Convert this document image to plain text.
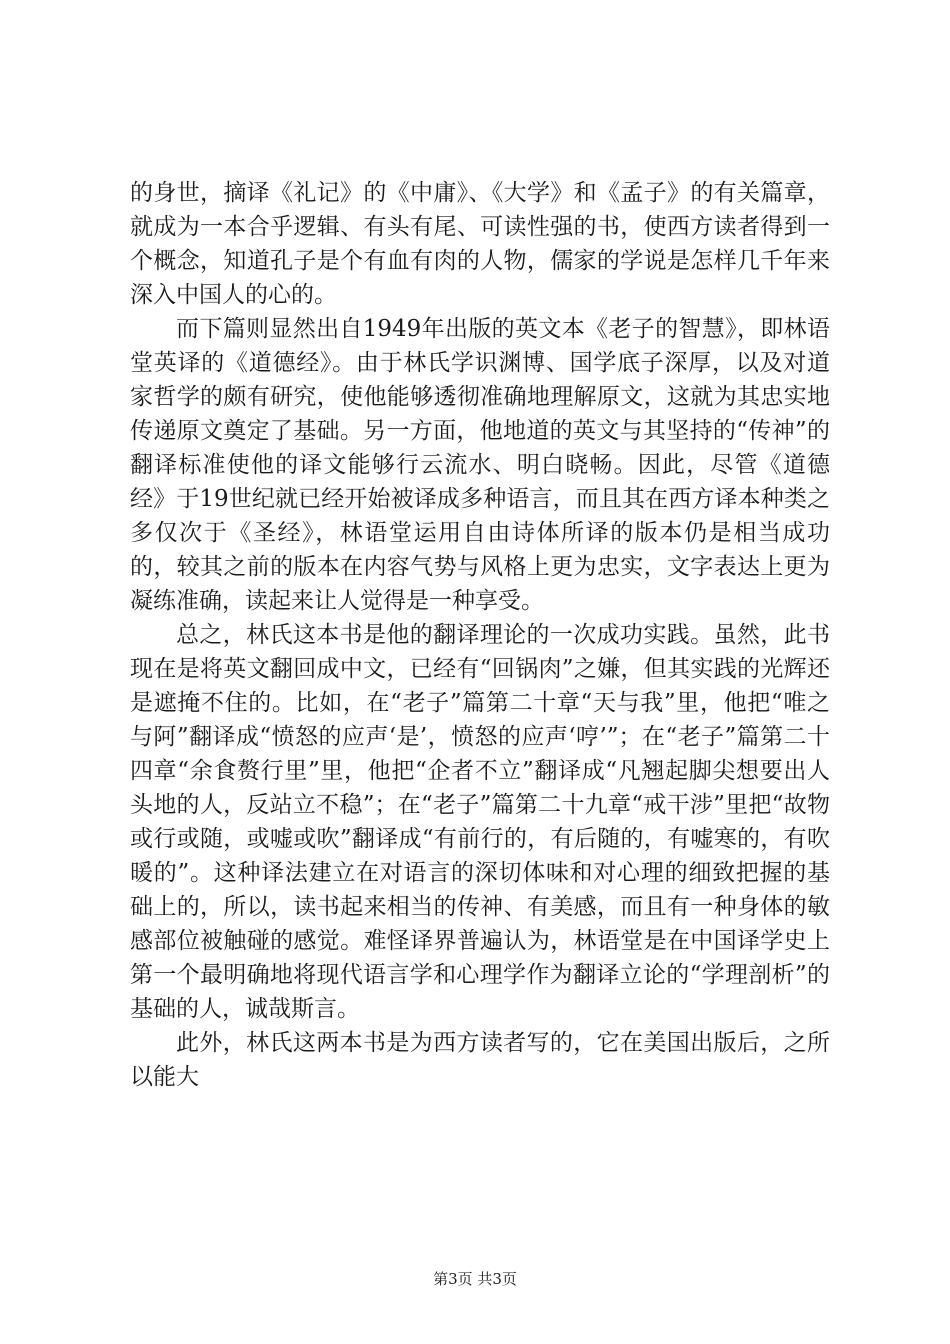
的身世，摘译《礼记》的《中庸》、《大学》和《孟子》的有关篇章，就成为一本合乎逻辑、有头有尾、可读性强的书，使西方读者得到一个概念，知道孔子是个有血有肉的人物，儒家的学说是怎样几千年来深入中国人的心的。

而下篇则显然出自1949年出版的英文本《老子的智慧》，即林语堂英译的《道德经》。由于林氏学识渊博、国学底子深厚，以及对道家哲学的颇有研究，使他能够透彻准确地理解原文，这就为其忠实地传递原文奠定了基础。另一方面，他地道的英文与其坚持的“传神”的翻译标准使他的译文能够行云流水、明白晓畅。因此，尽管《道德经》于19世纪就已经开始被译成多种语言，而且其在西方译本种类之多仅次于《圣经》，林语堂运用自由诗体所译的版本仍是相当成功的，较其之前的版本在内容气势与风格上更为忠实，文字表达上更为凝练准确，读起来让人觉得是一种享受。

总之，林氏这本书是他的翻译理论的一次成功实践。虽然，此书现在是将英文翻回成中文，已经有“回锅肉”之嫌，但其实践的光辉还是遮掩不住的。比如，在“老子”篇第二十章“天与我”里，他把“唯之与阿”翻译成“愤怒的应声‘是’，愤怒的应声‘哼’”；在“老子”篇第二十四章“余食赘行里”里，他把“企者不立”翻译成“凡翘起脚尖想要出人头地的人，反站立不稳”；在“老子”篇第二十九章“戒干涉”里把“故物或行或随，或嘘或吹”翻译成“有前行的，有后随的，有嘘寒的，有吹暖的”。这种译法建立在对语言的深切体味和对心理的细致把握的基础上的，所以，读书起来相当的传神、有美感，而且有一种身体的敏感部位被触碰的感觉。难怪译界普遍认为，林语堂是在中国译学史上第一个最明确地将现代语言学和心理学作为翻译立论的“学理剖析”的基础的人，诚哉斯言。

此外，林氏这两本书是为西方读者写的，它在美国出版后，之所以能大

第3页 共3页
